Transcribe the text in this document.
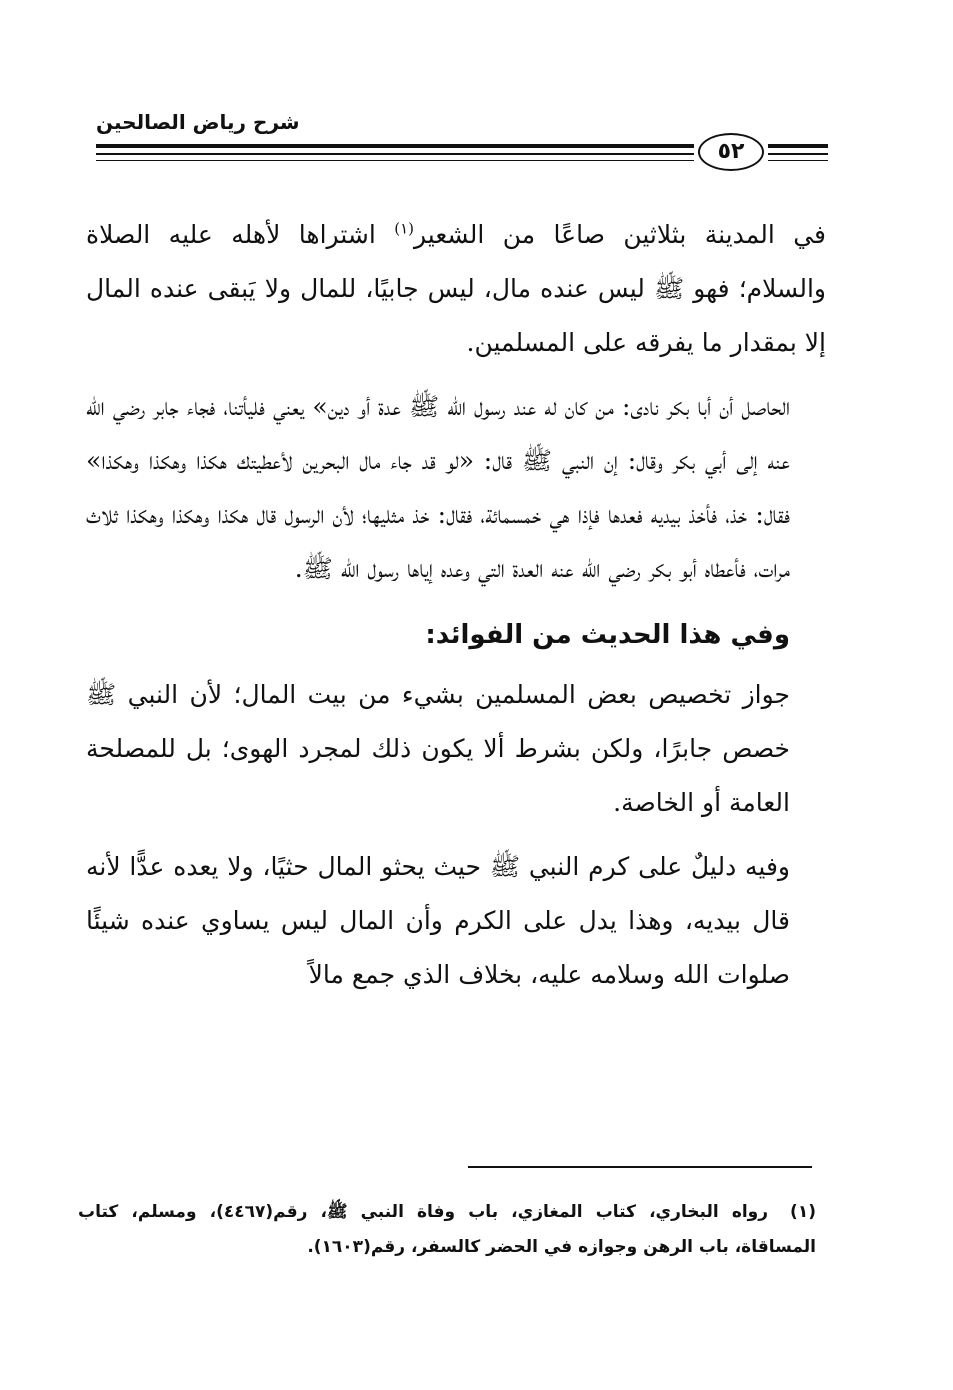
شرح رياض الصالحين
٥٢

في المدينة بثلاثين صاعًا من الشعير$^{(١)}$ اشتراها لأهله عليه الصلاة والسلام؛ فهو ﷺ ليس عنده مال، ليس جابيًا، للمال ولا يَبقى عنده المال إلا بمقدار ما يفرقه على المسلمين.

الحاصل أن أبا بكر نادى: من كان له عند رسول الله ﷺ عدة أو دين» يعني فليأتنا، فجاء جابر رضي الله عنه إلى أبي بكر وقال: إن النبي ﷺ قال: «لو قد جاء مال البحرين لأعطيتك هكذا وهكذا وهكذا» فقال: خذ، فأخذ بيديه فعدها فإذا هي خمسمائة، فقال: خذ مثليها؛ لأن الرسول قال هكذا وهكذا وهكذا ثلاث مرات، فأعطاه أبو بكر رضي الله عنه العدة التي وعده إياها رسول الله ﷺ.

وفي هذا الحديث من الفوائد:

جواز تخصيص بعض المسلمين بشيء من بيت المال؛ لأن النبي ﷺ خصص جابرًا، ولكن بشرط ألا يكون ذلك لمجرد الهوى؛ بل للمصلحة العامة أو الخاصة.

وفيه دليلٌ على كرم النبي ﷺ حيث يحثو المال حثيًا، ولا يعده عدًّا لأنه قال بيديه، وهذا يدل على الكرم وأن المال ليس يساوي عنده شيئًا صلوات الله وسلامه عليه، بخلاف الذي جمع مالاً

(١)رواه البخاري، كتاب المغازي، باب وفاة النبي ﷺ، رقم(٤٤٦٧)، ومسلم، كتاب المساقاة، باب الرهن وجوازه في الحضر كالسفر، رقم(١٦٠٣).
